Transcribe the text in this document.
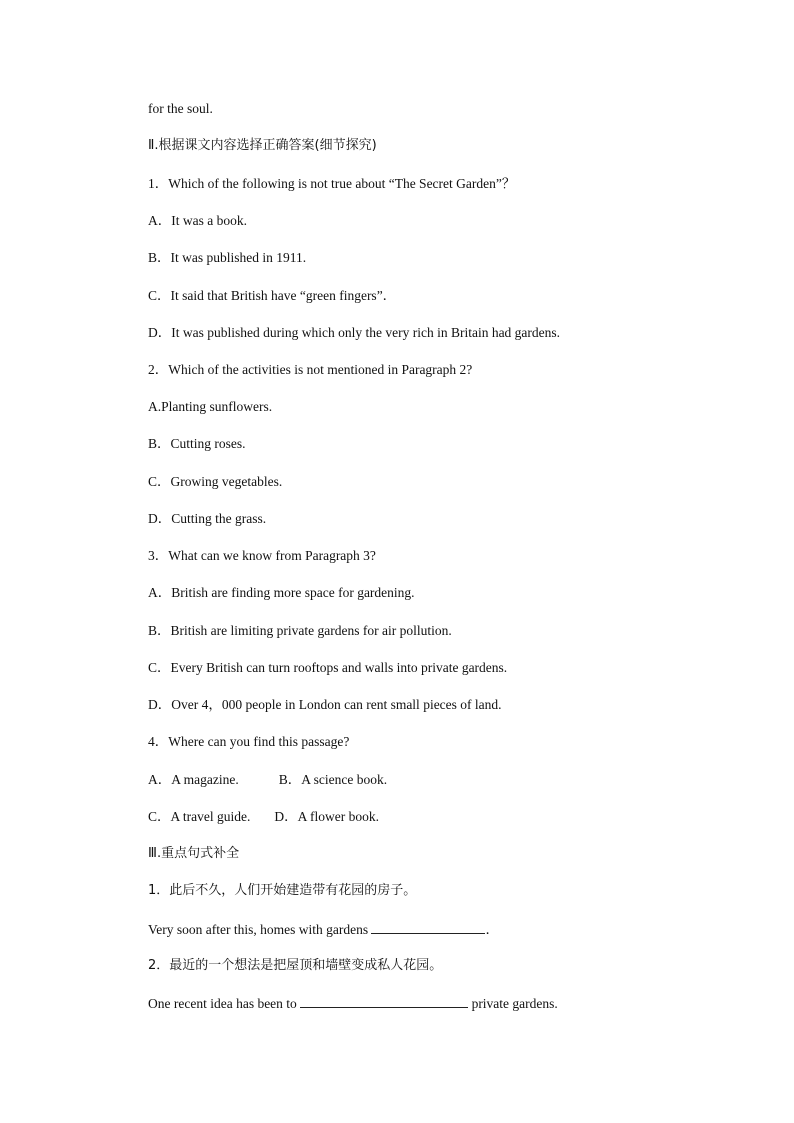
for the soul.
Ⅱ.根据课文内容选择正确答案(细节探究)
1．Which of the following is not true about “The Secret Garden”？
A．It was a book.
B．It was published in 1911.
C．It said that British have “green fingers”．
D．It was published during which only the very rich in Britain had gardens.
2．Which of the activities is not mentioned in Paragraph 2?
A.Planting sunflowers.
B．Cutting roses.
C．Growing vegetables.
D．Cutting the grass.
3．What can we know from Paragraph 3?
A．British are finding more space for gardening.
B．British are limiting private gardens for air pollution.
C．Every British can turn rooftops and walls into private gardens.
D．Over 4，000 people in London can rent small pieces of land.
4．Where can you find this passage?
A．A magazine.	B．A science book.
C．A travel guide. D．A flower book.
Ⅲ.重点句式补全
1．此后不久，人们开始建造带有花园的房子。
Very soon after this, homes with gardens	．
2．最近的一个想法是把屋顶和墙壁变成私人花园。
One recent idea has been to	private gardens.
